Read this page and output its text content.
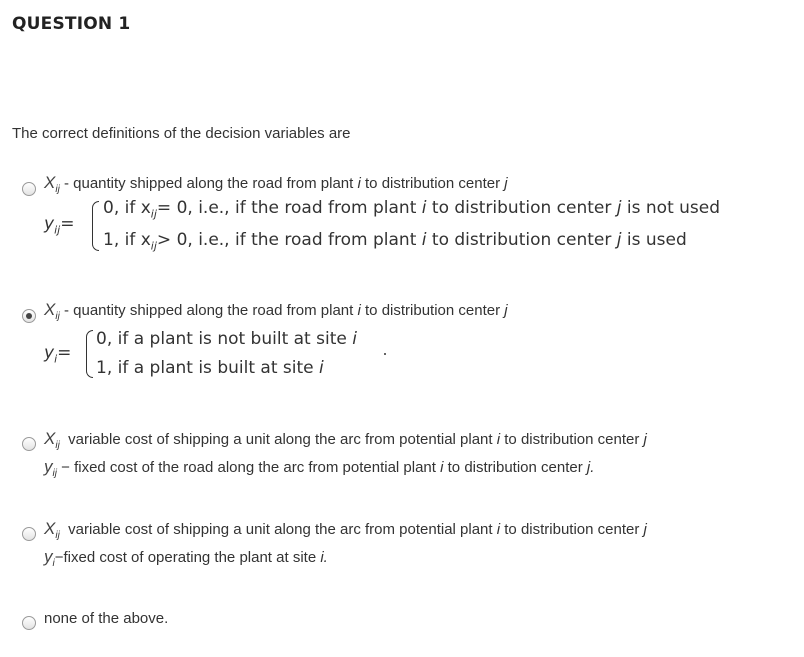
QUESTION 1
The correct definitions of the decision variables are
$X_{ij}$ - quantity shipped along the road from plant i to distribution center j
$y_{ij}=$
0, if $x_{ij}= 0$, i.e., if the road from plant i to distribution center j is not used
1, if $x_{ij}> 0$, i.e., if the road from plant i to distribution center j is used
$X_{ij}$ - quantity shipped along the road from plant i to distribution center j
$y_i=$
0, if a plant is not built at site i
1, if a plant is built at site i
$X_{ij}$ variable cost of shipping a unit along the arc from potential plant i to distribution center j
$y_{ij}$ − fixed cost of the road along the arc from potential plant i to distribution center j.
$X_{ij}$ variable cost of shipping a unit along the arc from potential plant i to distribution center j
$y_i-fixed$ cost of operating the plant at site i.
none of the above.
